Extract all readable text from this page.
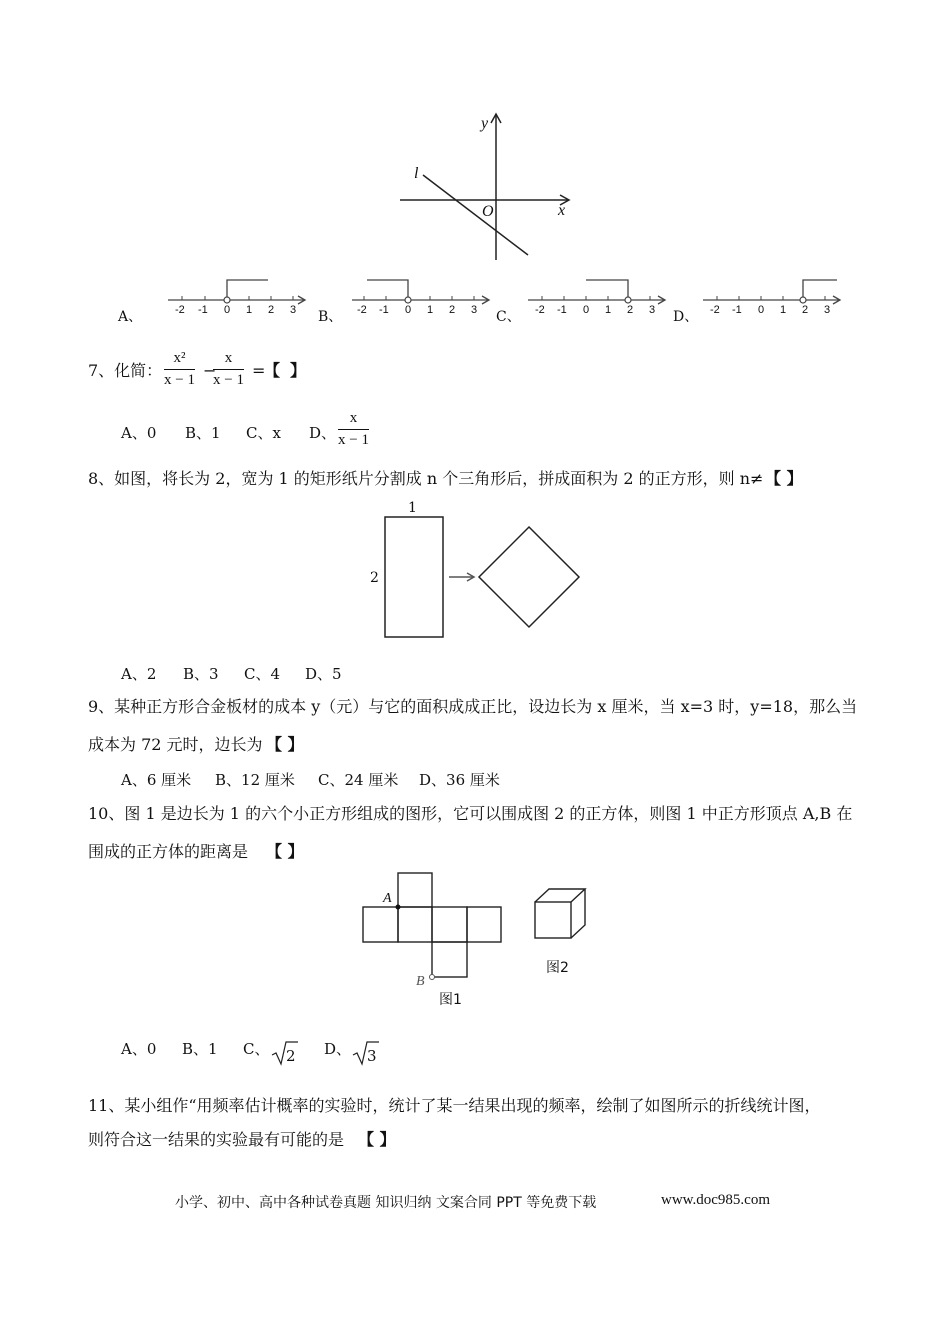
y
x
O
l
A、	-2 -1 0 1 2 3 B、 -2 -1 0 1 2 3 C、 -2 -1 0 1 2 3 D、 -2 -1 0 1 2 3
7、化简： $\frac{\text{x²}}{x - 1}$ −
$\frac{x}{x - 1}$ =
【 】
A、0 B、1 C、x D、 $\frac{x}{x - 1}$
8、如图，将长为 2，宽为 1 的矩形纸片分割成 n 个三角形后，拼成面积为 2 的正方形，则 n≠ 【 】
1
2
A、2 B、3 C、4 D、5
9、某种正方形合金板材的成本 y（元）与它的面积成成正比，设边长为 x 厘米，当 x=3 时，y=18，那么当
成本为 72 元时，边长为 【 】
A、6 厘米 B、12 厘米 C、24 厘米 D、36 厘米
10、图 1 是边长为 1 的六个小正方形组成的图形，它可以围成图 2 的正方体，则图 1 中正方形顶点 A,B 在
围成的正方体的距离是 【 】
A
B
图1
图2
A、0 B、1 C、 2 D、 3
11、某小组作“用频率估计概率的实验时，统计了某一结果出现的频率，绘制了如图所示的折线统计图，
则符合这一结果的实验最有可能的是 【 】
小学、初中、高中各种试卷真题 知识归纳 文案合同 PPT 等免费下载	www.doc985.com
